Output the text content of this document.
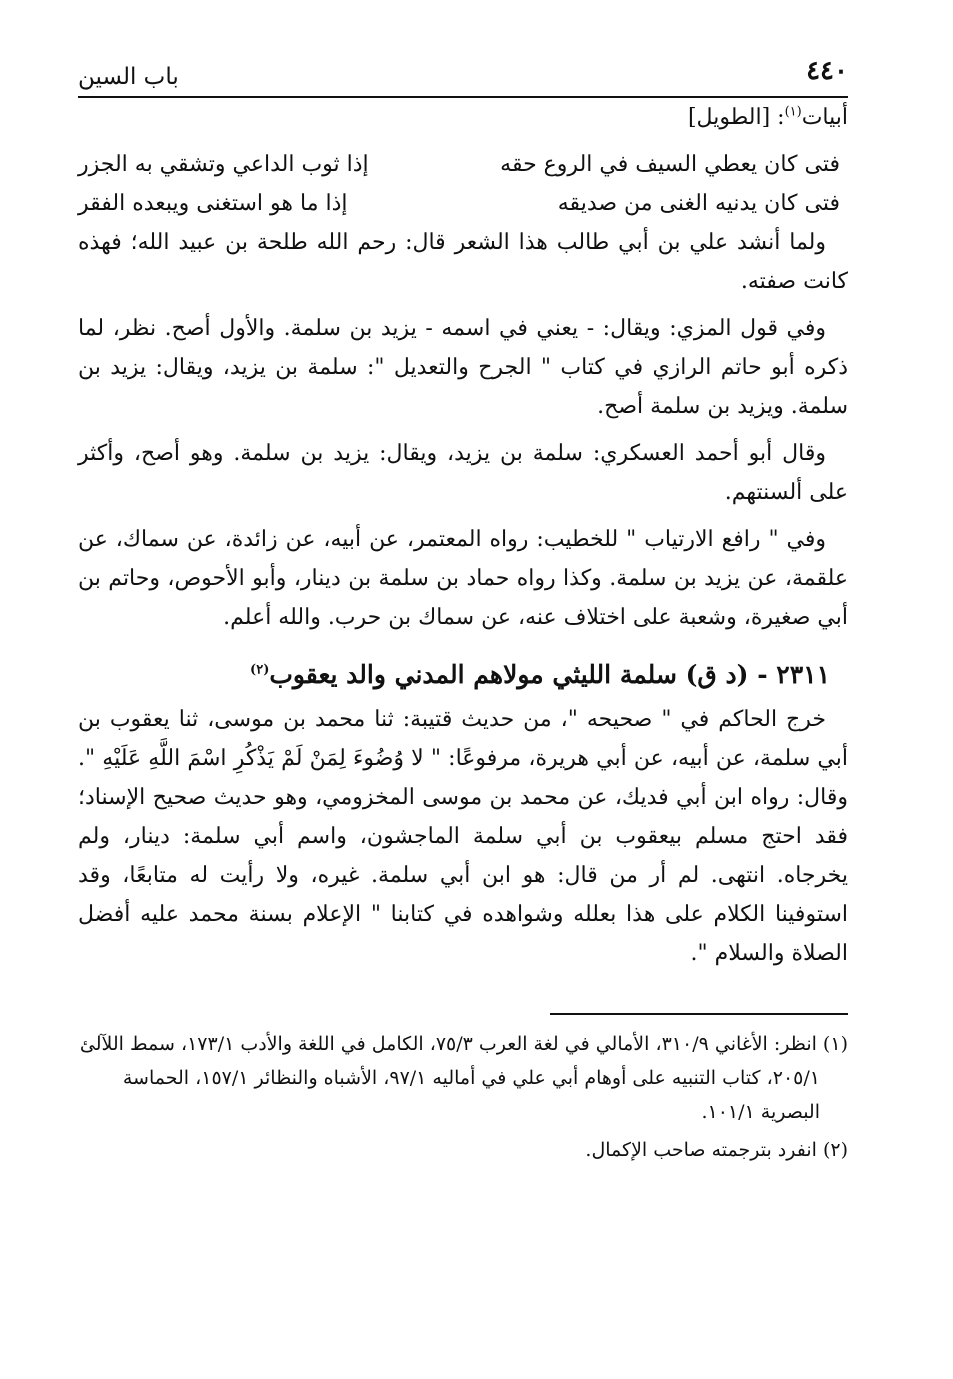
٤٤٠
باب السين

أبيات$^{(١)}$: [الطويل]

فتى كان يعطي السيف في الروع حقه
إذا ثوب الداعي وتشقي به الجزر
فتى كان يدنيه الغنى من صديقه
إذا ما هو استغنى ويبعده الفقر

ولما أنشد علي بن أبي طالب هذا الشعر قال: رحم الله طلحة بن عبيد الله؛ فهذه كانت صفته.

وفي قول المزي: ويقال: - يعني في اسمه - يزيد بن سلمة. والأول أصح. نظر، لما ذكره أبو حاتم الرازي في كتاب " الجرح والتعديل ": سلمة بن يزيد، ويقال: يزيد بن سلمة. ويزيد بن سلمة أصح.

وقال أبو أحمد العسكري: سلمة بن يزيد، ويقال: يزيد بن سلمة. وهو أصح، وأكثر على ألسنتهم.

وفي " رافع الارتياب " للخطيب: رواه المعتمر، عن أبيه، عن زائدة، عن سماك، عن علقمة، عن يزيد بن سلمة. وكذا رواه حماد بن سلمة بن دينار، وأبو الأحوص، وحاتم بن أبي صغيرة، وشعبة على اختلاف عنه، عن سماك بن حرب. والله أعلم.

٢٣١١ - (د ق) سلمة الليثي مولاهم المدني والد يعقوب$^{(٢)}$

خرج الحاكم في " صحيحه "، من حديث قتيبة: ثنا محمد بن موسى، ثنا يعقوب بن أبي سلمة، عن أبيه، عن أبي هريرة، مرفوعًا: " لا وُضُوءَ لِمَنْ لَمْ يَذْكُرِ اسْمَ اللَّهِ عَلَيْهِ ". وقال: رواه ابن أبي فديك، عن محمد بن موسى المخزومي، وهو حديث صحيح الإسناد؛ فقد احتج مسلم بيعقوب بن أبي سلمة الماجشون، واسم أبي سلمة: دينار، ولم يخرجاه. انتهى. لم أر من قال: هو ابن أبي سلمة. غيره، ولا رأيت له متابعًا، وقد استوفينا الكلام على هذا بعلله وشواهده في كتابنا " الإعلام بسنة محمد عليه أفضل الصلاة والسلام ".

(١) انظر: الأغاني ٣١٠/٩، الأمالي في لغة العرب ٧٥/٣، الكامل في اللغة والأدب ١٧٣/١، سمط اللآلئ ٢٠٥/١، كتاب التنبيه على أوهام أبي علي في أماليه ٩٧/١، الأشباه والنظائر ١٥٧/١، الحماسة البصرية ١٠١/١.

(٢) انفرد بترجمته صاحب الإكمال.
